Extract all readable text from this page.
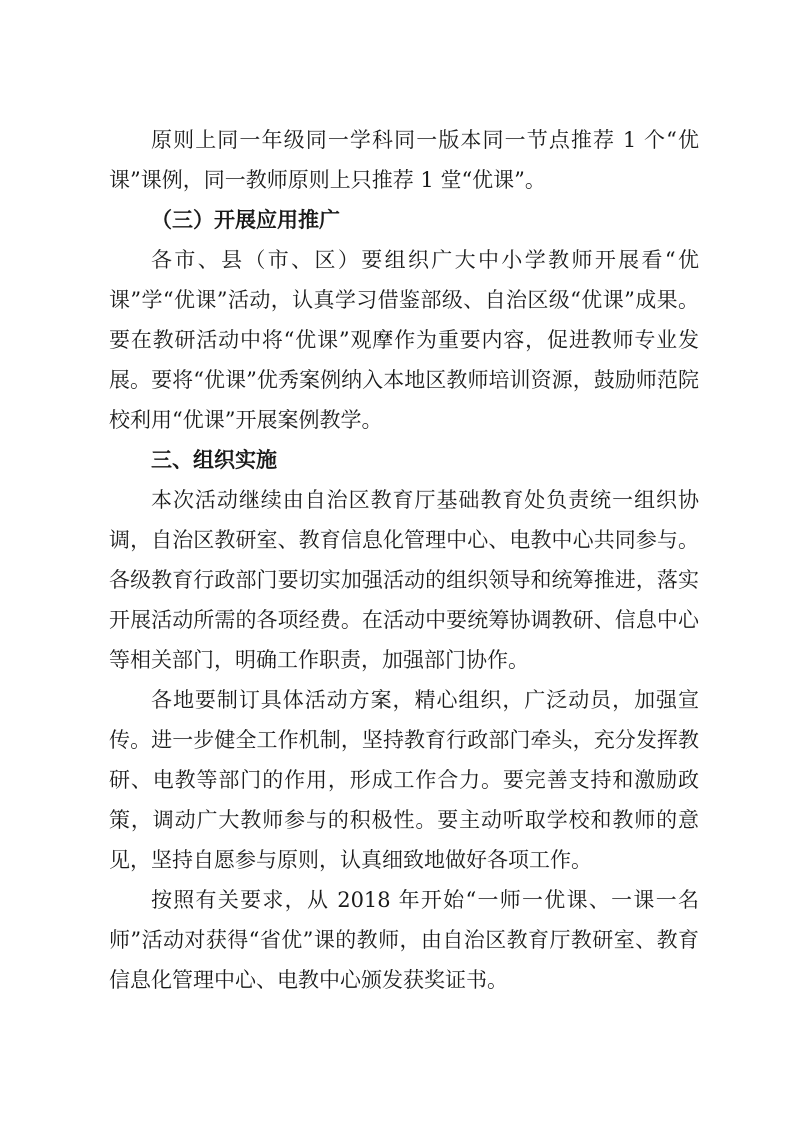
原则上同一年级同一学科同一版本同一节点推荐 1 个“优课”课例，同一教师原则上只推荐 1 堂“优课”。

（三）开展应用推广

各市、县（市、区）要组织广大中小学教师开展看“优课”学“优课”活动，认真学习借鉴部级、自治区级“优课”成果。要在教研活动中将“优课”观摩作为重要内容，促进教师专业发展。要将“优课”优秀案例纳入本地区教师培训资源，鼓励师范院校利用“优课”开展案例教学。

三、组织实施

本次活动继续由自治区教育厅基础教育处负责统一组织协调，自治区教研室、教育信息化管理中心、电教中心共同参与。各级教育行政部门要切实加强活动的组织领导和统筹推进，落实开展活动所需的各项经费。在活动中要统筹协调教研、信息中心等相关部门，明确工作职责，加强部门协作。

各地要制订具体活动方案，精心组织，广泛动员，加强宣传。进一步健全工作机制，坚持教育行政部门牵头，充分发挥教研、电教等部门的作用，形成工作合力。要完善支持和激励政策，调动广大教师参与的积极性。要主动听取学校和教师的意见，坚持自愿参与原则，认真细致地做好各项工作。

按照有关要求，从 2018 年开始“一师一优课、一课一名师”活动对获得“省优”课的教师，由自治区教育厅教研室、教育信息化管理中心、电教中心颁发获奖证书。
